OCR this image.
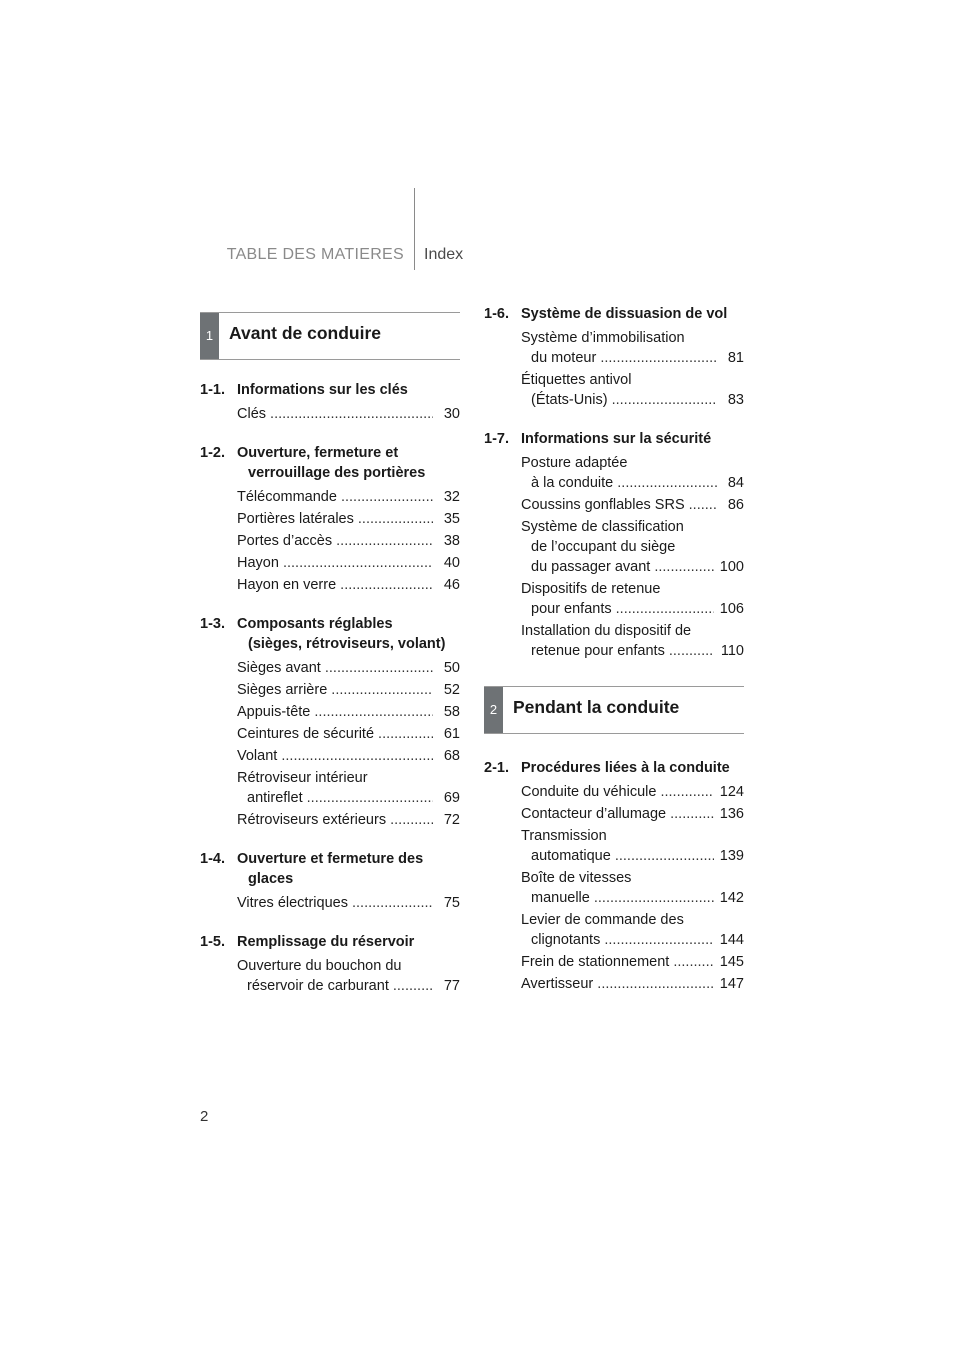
TABLE DES MATIERES Index
1 Avant de conduire
1-1. Informations sur les clés
Clés .....	30
1-2. Ouverture, fermeture et
verrouillage des portières
Télécommande .....	32
Portières latérales .....	35
Portes d’accès .....	38
Hayon .....	40
Hayon en verre .....	46
1-3. Composants réglables
(sièges, rétroviseurs, volant)
Sièges avant .....	50
Sièges arrière .....	52
Appuis-tête .....	58
Ceintures de sécurité .....	61
Volant .....	68
Rétroviseur intérieur
antireflet .....	69
Rétroviseurs extérieurs .....	72
1-4. Ouverture et fermeture des
glaces
Vitres électriques .....	75
1-5. Remplissage du réservoir
Ouverture du bouchon du
réservoir de carburant .....	77
1-6. Système de dissuasion de vol
Système d’immobilisation
du moteur .....	81
Étiquettes antivol
(États-Unis) .....	83
1-7. Informations sur la sécurité
Posture adaptée
à la conduite .....	84
Coussins gonflables SRS .....	86
Système de classification
de l’occupant du siège
du passager avant .....	100
Dispositifs de retenue
pour enfants .....	106
Installation du dispositif de
retenue pour enfants .....	110
2 Pendant la conduite
2-1. Procédures liées à la conduite
Conduite du véhicule .....	124
Contacteur d’allumage .....	136
Transmission
automatique .....	139
Boîte de vitesses
manuelle .....	142
Levier de commande des
clignotants .....	144
Frein de stationnement .....	145
Avertisseur .....	147
2
